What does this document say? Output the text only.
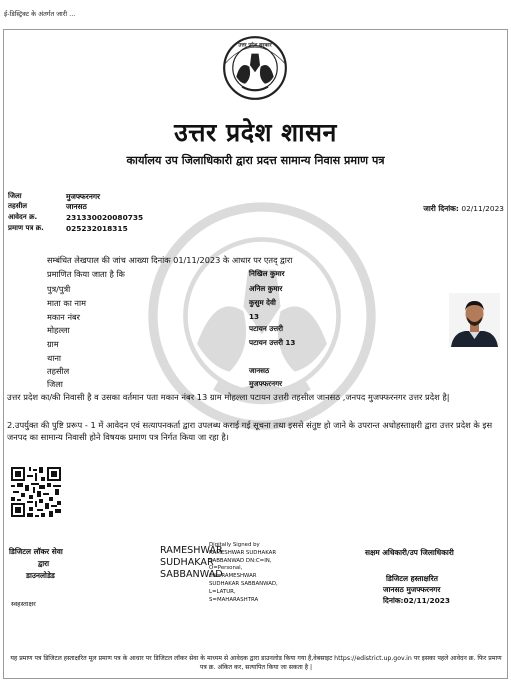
ई-डिस्ट्रिक्ट के अंतर्गत जारी ...
उत्तर प्रदेश सरकार
उत्तर प्रदेश शासन
कार्यालय उप जिलाधिकारी द्वारा प्रदत्त सामान्य निवास प्रमाण पत्र
जिला	मुजफ्फरनगर
तहसील	जानसठ
आवेदन क्र.	231330020080735
प्रमाण पत्र क्र.	025232018315
जारी दिनांक: 02/11/2023
सम्बंधित लेखपाल की जांच आख्या दिनांक 01/11/2023 के आधार पर एतद् द्वारा
प्रमाणित किया जाता है कि	निखिल कुमार
पुत्र/पुत्री	अनिल कुमार
माता का नाम	कुसुम देवी
मकान नंबर	13
मोहल्ला	पटायन उत्तरी
ग्राम	पटायन उत्तरी 13
थाना
तहसील	जानसठ
जिला	मुजफ्फरनगर
उत्तर प्रदेश का/की निवासी है व उसका वर्तमान पता मकान नंबर 13 ग्राम मोहल्ला पटायन उत्तरी तहसील जानसठ ,जनपद मुजफ्फरनगर उत्तर प्रदेश है|
2.उपर्युक्त की पुष्टि प्ररूप - 1 में आवेदन एवं सत्यापनकर्ता द्वारा उपलब्ध कराई गई सूचना तथा इससे संतुष्ट हो जाने के उपरान्त अधोहस्ताक्षरी द्वारा उत्तर प्रदेश के इस जनपद का सामान्य निवासी होने विषयक प्रमाण पत्र निर्गत किया जा रहा है।
डिजिटल लॉकर सेवा
द्वारा
डाउनलोडेड
स्वहस्ताक्षर
RAMESHWAR
SUDHAKAR
SABBANWAD
Digitally Signed by RAMESHWAR SUDHAKAR SABBANWAD DN:C=IN, O=Personal, CN=RAMESHWAR SUDHAKAR SABBANWAD, L=LATUR, S=MAHARASHTRA
सक्षम अधिकारी/उप जिलाधिकारी
डिजिटल हस्ताक्षरित
जानसठ मुजफ्फरनगर
दिनांक:02/11/2023
यह प्रमाण पत्र डिजिटल हस्ताक्षरित मूल प्रमाण पत्र के आधार पर डिजिटल लॉकर सेवा के माध्यम से आवेदक द्वारा डाउनलोड किया गया है,वेबसाइट https://edistrict.up.gov.in पर इसका पहले आवेदन क्र. फिर प्रमाण पत्र क्र. अंकित कर, सत्यापित किया जा सकता है |
